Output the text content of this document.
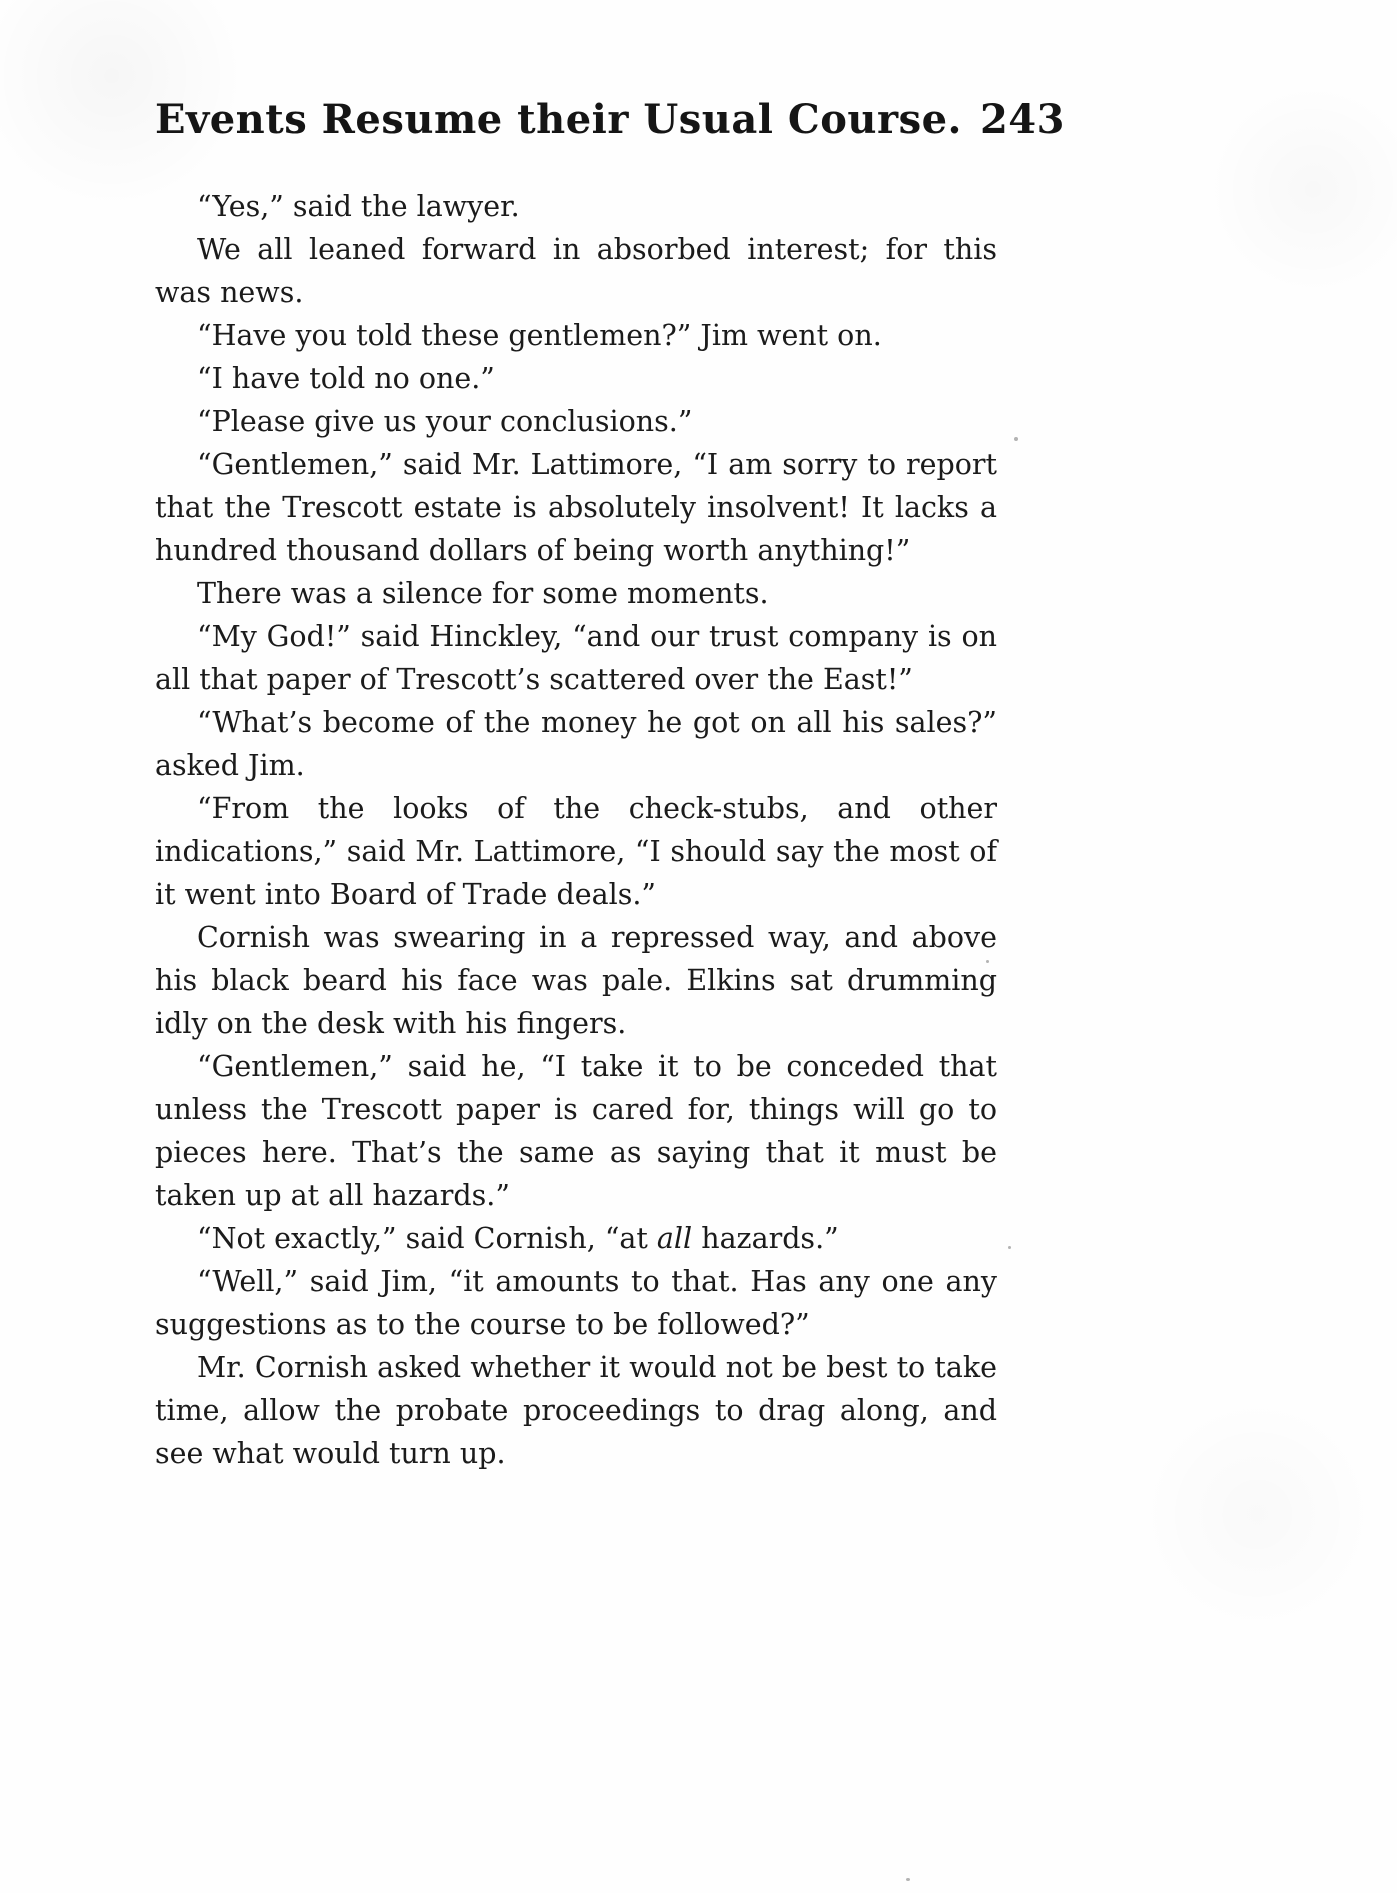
Events Resume their Usual Course. 243

“Yes,” said the lawyer.

We all leaned forward in absorbed interest; for this was news.

“Have you told these gentlemen?” Jim went on.

“I have told no one.”

“Please give us your conclusions.”

“Gentlemen,” said Mr. Lattimore, “I am sorry to report that the Trescott estate is absolutely insolvent! It lacks a hundred thousand dollars of being worth anything!”

There was a silence for some moments.

“My God!” said Hinckley, “and our trust company is on all that paper of Trescott’s scattered over the East!”

“What’s become of the money he got on all his sales?” asked Jim.

“From the looks of the check-stubs, and other indications,” said Mr. Lattimore, “I should say the most of it went into Board of Trade deals.”

Cornish was swearing in a repressed way, and above his black beard his face was pale. Elkins sat drumming idly on the desk with his fingers.

“Gentlemen,” said he, “I take it to be conceded that unless the Trescott paper is cared for, things will go to pieces here. That’s the same as saying that it must be taken up at all hazards.”

“Not exactly,” said Cornish, “at all hazards.”

“Well,” said Jim, “it amounts to that. Has any one any suggestions as to the course to be followed?”

Mr. Cornish asked whether it would not be best to take time, allow the probate proceedings to drag along, and see what would turn up.
